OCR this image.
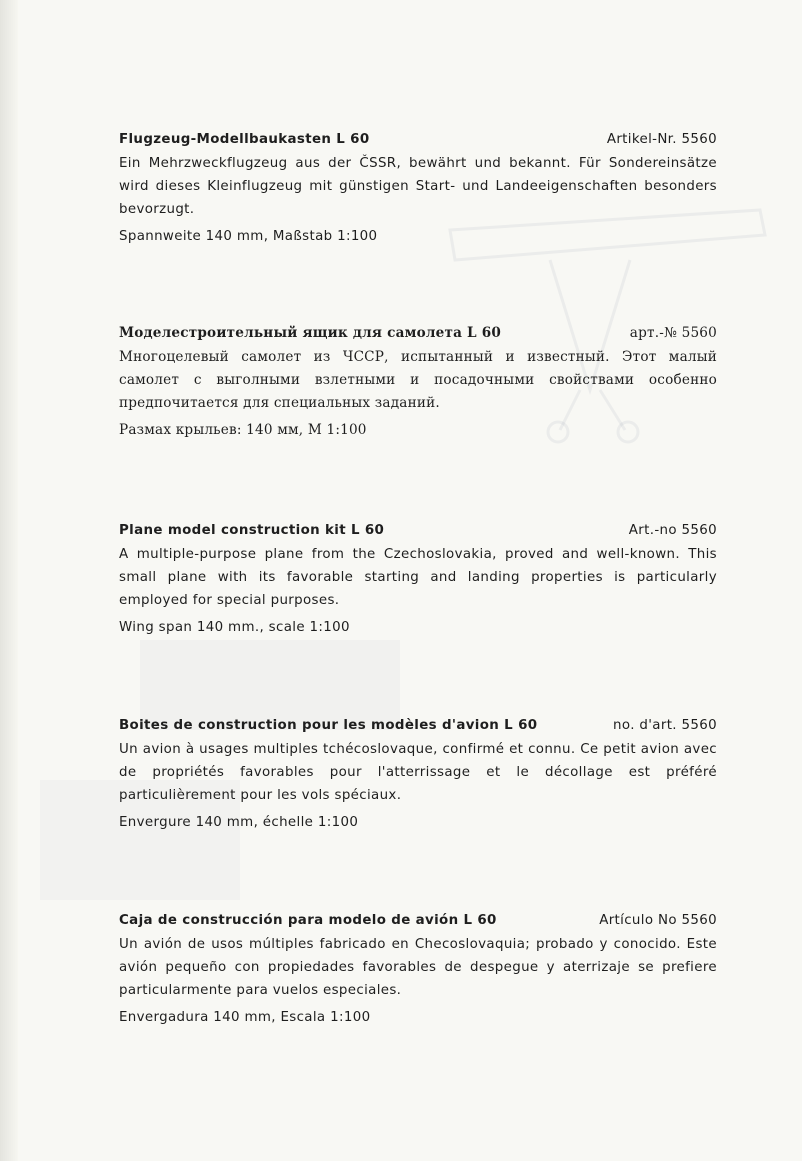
Flugzeug-Modellbaukasten L 60	Artikel-Nr. 5560

Ein Mehrzweckflugzeug aus der ČSSR, bewährt und bekannt. Für Sondereinsätze wird dieses Kleinflugzeug mit günstigen Start- und Landeeigenschaften besonders bevorzugt.

Spannweite 140 mm, Maßstab 1:100
Моделестроительный ящик для самолета L 60	арт.-№ 5560

Многоцелевый самолет из ЧССР, испытанный и известный. Этот малый самолет с выголными взлетными и посадочными свойствами особенно предпочитается для специальных заданий.

Размах крыльев: 140 мм, М 1:100
Plane model construction kit L 60	Art.-no 5560

A multiple-purpose plane from the Czechoslovakia, proved and well-known. This small plane with its favorable starting and landing properties is particularly employed for special purposes.

Wing span 140 mm., scale 1:100
Boites de construction pour les modèles d'avion L 60	no. d'art. 5560

Un avion à usages multiples tchécoslovaque, confirmé et connu. Ce petit avion avec de propriétés favorables pour l'atterrissage et le décollage est préféré particulièrement pour les vols spéciaux.

Envergure 140 mm, échelle 1:100
Caja de construcción para modelo de avión L 60	Artículo No 5560

Un avión de usos múltiples fabricado en Checoslovaquia; probado y conocido. Este avión pequeño con propiedades favorables de despegue y aterrizaje se prefiere particularmente para vuelos especiales.

Envergadura 140 mm, Escala 1:100
